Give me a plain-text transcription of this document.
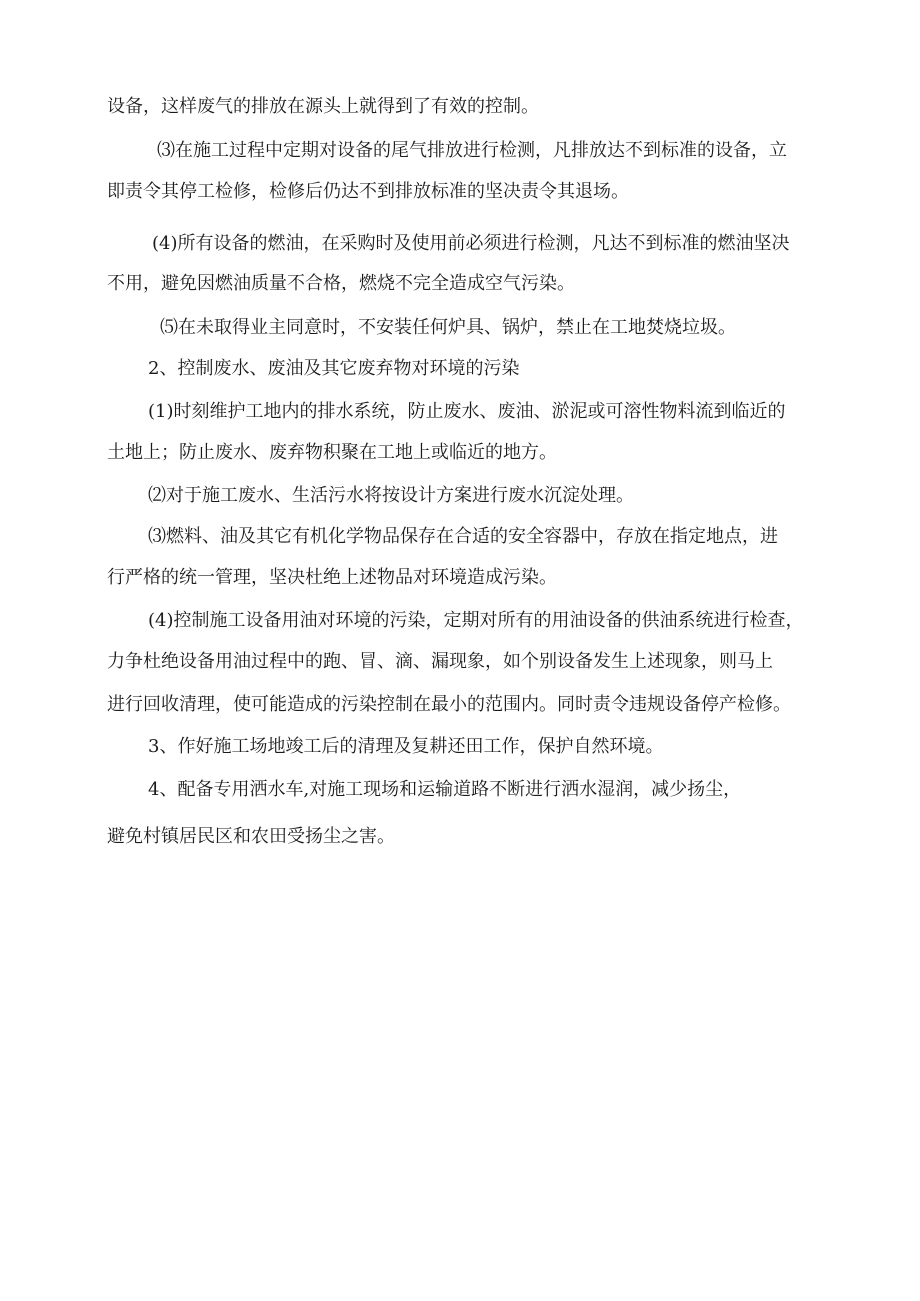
设备，这样废气的排放在源头上就得到了有效的控制。
⑶在施工过程中定期对设备的尾气排放进行检测，凡排放达不到标准的设备，立
即责令其停工检修，检修后仍达不到排放标准的坚决责令其退场。
(4)所有设备的燃油，在采购时及使用前必须进行检测，凡达不到标准的燃油坚决
不用，避免因燃油质量不合格，燃烧不完全造成空气污染。
⑸在未取得业主同意时，不安装任何炉具、锅炉，禁止在工地焚烧垃圾。
2、控制废水、废油及其它废弃物对环境的污染
(1)时刻维护工地内的排水系统，防止废水、废油、淤泥或可溶性物料流到临近的
土地上；防止废水、废弃物积聚在工地上或临近的地方。
⑵对于施工废水、生活污水将按设计方案进行废水沉淀处理。
⑶燃料、油及其它有机化学物品保存在合适的安全容器中，存放在指定地点，进
行严格的统一管理，坚决杜绝上述物品对环境造成污染。
(4)控制施工设备用油对环境的污染，定期对所有的用油设备的供油系统进行检查，
力争杜绝设备用油过程中的跑、冒、滴、漏现象，如个别设备发生上述现象，则马上
进行回收清理，使可能造成的污染控制在最小的范围内。同时责令违规设备停产检修。
3、作好施工场地竣工后的清理及复耕还田工作，保护自然环境。
4、配备专用洒水车,对施工现场和运输道路不断进行洒水湿润，减少扬尘，
避免村镇居民区和农田受扬尘之害。
